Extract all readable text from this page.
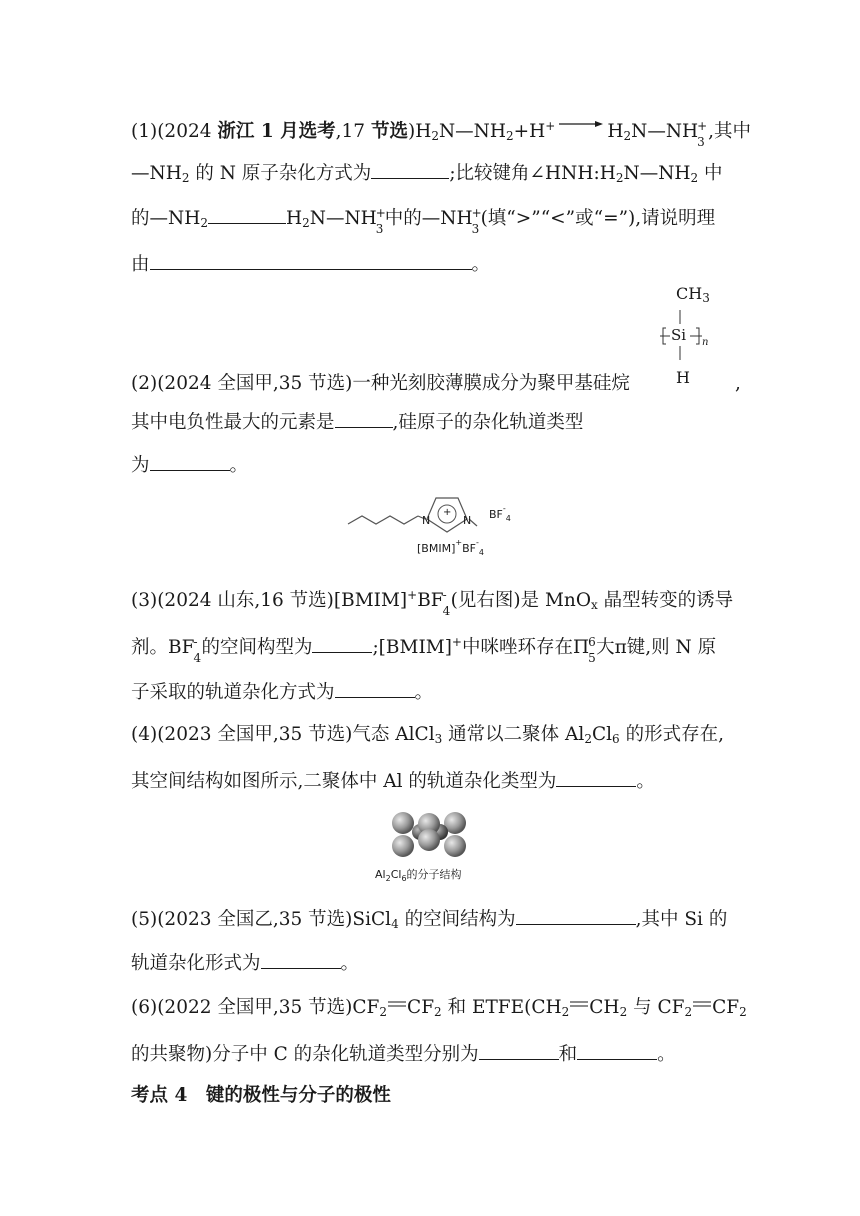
(1)(2024 浙江 1 月选考,17 节选)$H_2N—NH_2+H^+$ → $H_2N—NH$ +
3 ,其中
$—NH_2$ 的 N 原子杂化方式为	;比较键角$\angle HNH:H_2N—NH_2$ 中
的$—NH_2$	$H_2N—NH$ +
3 中的—NH +
3 (填“>”“<”或“=”),请说明理
由	。
$CH_3$
Si n
H
(2)(2024 全国甲,35 节选)一种光刻胶薄膜成分为聚甲基硅烷	,
其中电负性最大的元素是	,硅原子的杂化轨道类型
为	。
N
+
N $BF^-_4$
$[BMIM]^+BF^-_4$
(3)(2024 山东,16 节选)[BMIM]+BF -
4 (见右图)是 MnO$_x$ 晶型转变的诱导
剂。BF -
4 的空间构型为	;[BMIM]+中咪唑环存在Π 6
5 大π键,则 N 原
子采取的轨道杂化方式为	。
(4)(2023 全国甲,35 节选)气态 AlCl$_3$ 通常以二聚体 $Al_2Cl_6$ 的形式存在,
其空间结构如图所示,二聚体中 Al 的轨道杂化类型为	。
$Al_2Cl_6$的分子结构
(5)(2023 全国乙,35 节选)SiCl$_4$ 的空间结构为	,其中 Si 的
轨道杂化形式为	。
(6)(2022 全国甲,35 节选)$CF_2$ $CF_2$ 和 $ETFE(CH_2$ $CH_2$ 与 $CF_2$ $CF_2$
的共聚物)分子中 C 的杂化轨道类型分别为	和	。
考点 4　键的极性与分子的极性
